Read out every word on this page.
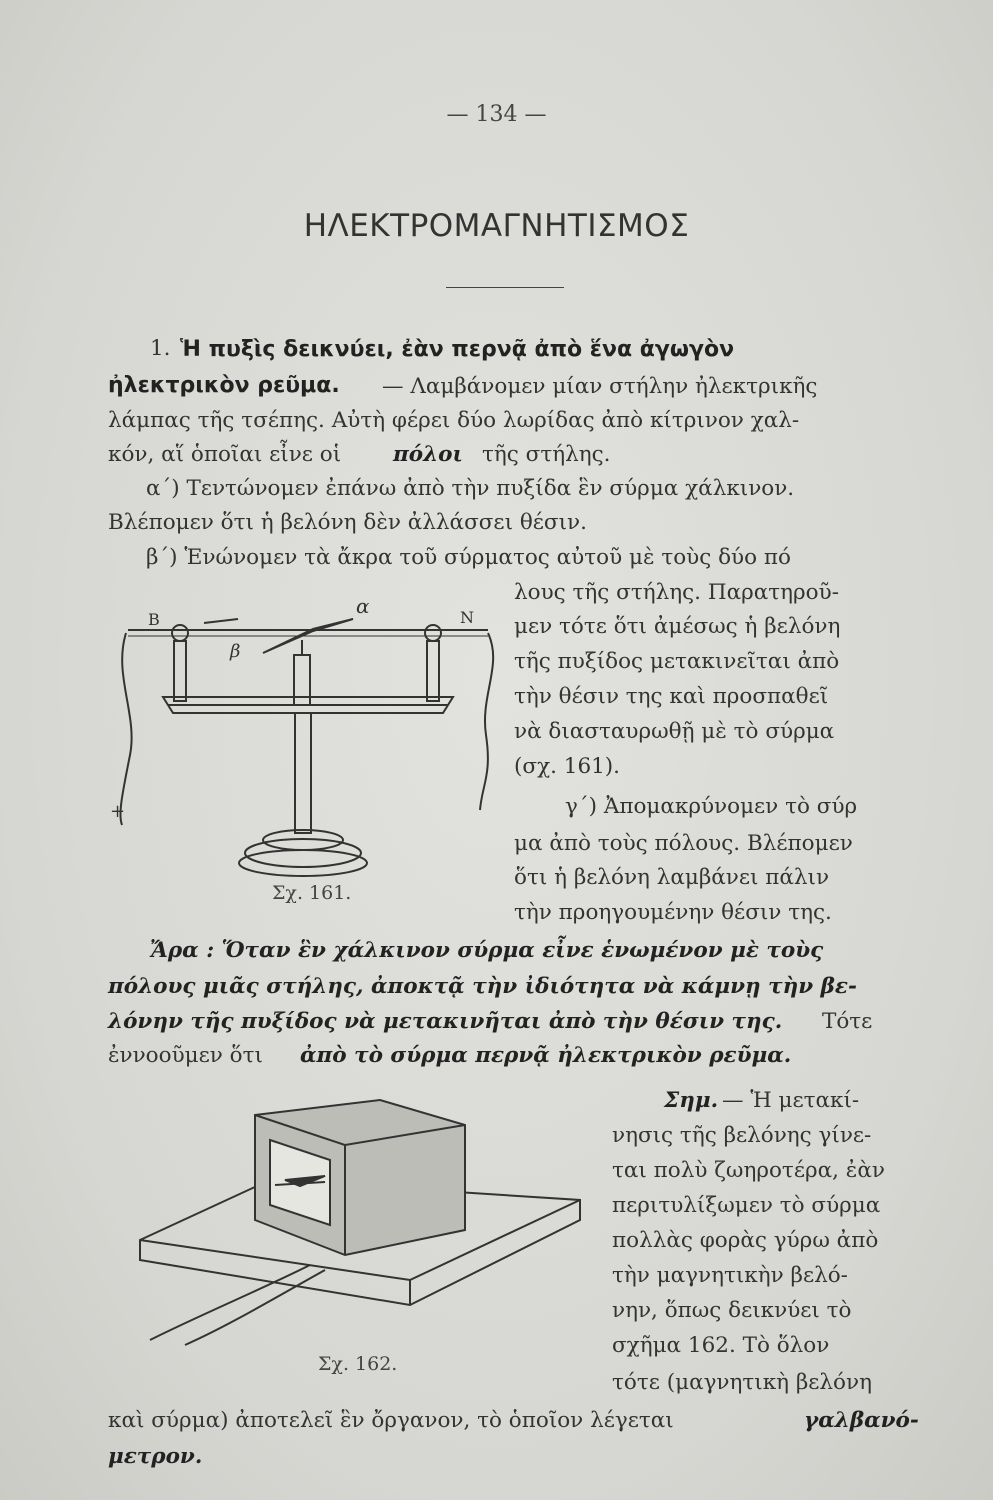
— 134 —
ΗΛΕΚΤΡΟΜΑΓΝΗΤΙΣΜΟΣ
1. Ἡ πυξὶς δεικνύει, ἐὰν περνᾷ ἀπὸ ἕνα ἀγωγὸν
ἠλεκτρικὸν ρεῦμα. — Λαμβάνομεν μίαν στήλην ἠλεκτρικῆς
λάμπας τῆς τσέπης. Αὐτὴ φέρει δύο λωρίδας ἀπὸ κίτρινον χαλ-
κόν, αἵ ὁποῖαι εἶνε οἱ πόλοι τῆς στήλης.
α΄) Τεντώνομεν ἐπάνω ἀπὸ τὴν πυξίδα ἓν σύρμα χάλκινον.
Βλέπομεν ὅτι ἡ βελόνη δὲν ἀλλάσσει θέσιν.
β΄) Ἑνώνομεν τὰ ἄκρα τοῦ σύρματος αὐτοῦ μὲ τοὺς δύο πό
λους τῆς στήλης. Παρατηροῦ-
μεν τότε ὅτι ἀμέσως ἡ βελόνη
τῆς πυξίδος μετακινεῖται ἀπὸ
τὴν θέσιν της καὶ προσπαθεῖ
νὰ διασταυρωθῇ μὲ τὸ σύρμα
(σχ. 161).
γ΄) Ἀπομακρύνομεν τὸ σύρ
μα ἀπὸ τοὺς πόλους. Βλέπομεν
ὅτι ἡ βελόνη λαμβάνει πάλιν
τὴν προηγουμένην θέσιν της.
Ἄρα : Ὅταν ἓν χάλκινον σύρμα εἶνε ἑνωμένον μὲ τοὺς
πόλους μιᾶς στήλης, ἀποκτᾷ τὴν ἰδιότητα νὰ κάμνῃ τὴν βε-
λόνην τῆς πυξίδος νὰ μετακινῆται ἀπὸ τὴν θέσιν της. Τότε
ἐννοοῦμεν ὅτι ἀπὸ τὸ σύρμα περνᾷ ἠλεκτρικὸν ρεῦμα.
Σημ. — Ἡ μετακί-
νησις τῆς βελόνης γίνε-
ται πολὺ ζωηροτέρα, ἐὰν
περιτυλίξωμεν τὸ σύρμα
πολλὰς φορὰς γύρω ἀπὸ
τὴν μαγνητικὴν βελό-
νην, ὅπως δεικνύει τὸ
σχῆμα 162. Τὸ ὅλον
τότε (μαγνητικὴ βελόνη
καὶ σύρμα) ἀποτελεῖ ἓν ὄργανον, τὸ ὁποῖον λέγεται	γαλβανό-
μετρον.
B	N
α
β
+
Σχ. 161.
Σχ. 162.
